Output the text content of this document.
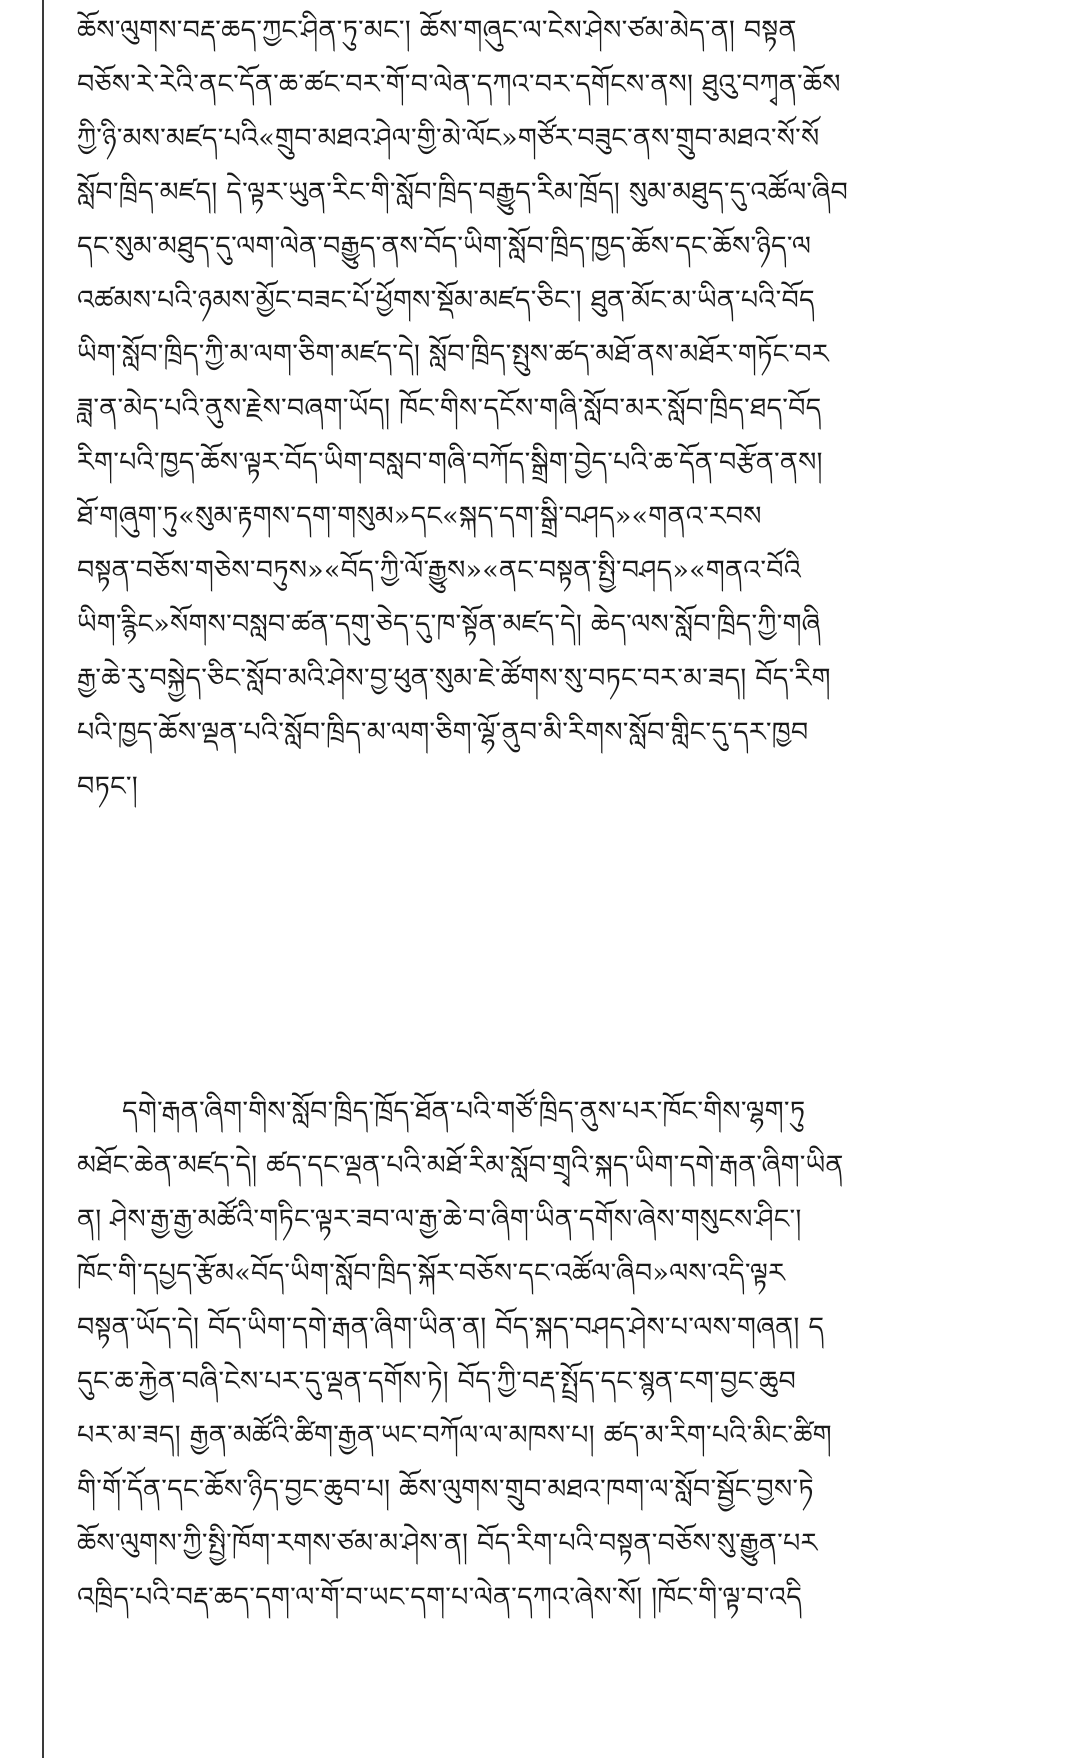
ཆོས་ལུགས་བརྡ་ཆད་ཀྱང་ཤིན་ཏུ་མང་། ཆོས་གཞུང་ལ་ངེས་ཤེས་ཙམ་མེད་ན། བསྟན
བཅོས་རེ་རེའི་ནང་དོན་ཆ་ཚང་བར་གོ་བ་ལེན་དཀའ་བར་དགོངས་ནས། ཐུའུ་བཀྭན་ཆོས
ཀྱི་ཉི་མས་མཛད་པའི«གྲུབ་མཐའ་ཤེལ་གྱི་མེ་ལོང»གཙོར་བཟུང་ནས་གྲུབ་མཐའ་སོ་སོ
སློབ་ཁྲིད་མཛད། དེ་ལྟར་ཡུན་རིང་གི་སློབ་ཁྲིད་བརྒྱུད་རིམ་ཁྲོད། སུམ་མཐུད་དུ་འཚོལ་ཞིབ
དང་སུམ་མཐུད་དུ་ལག་ལེན་བརྒྱུད་ནས་བོད་ཡིག་སློབ་ཁྲིད་ཁྱད་ཆོས་དང་ཆོས་ཉིད་ལ
འཚམས་པའི་ཉམས་མྱོང་བཟང་པོ་ཕྱོགས་སྡོམ་མཛད་ཅིང་། ཐུན་མོང་མ་ཡིན་པའི་བོད
ཡིག་སློབ་ཁྲིད་ཀྱི་མ་ལག་ཅིག་མཛད་དེ། སློབ་ཁྲིད་སྤུས་ཚད་མཐོ་ནས་མཐོར་གཏོང་བར
ཟླ་ན་མེད་པའི་ནུས་རྗེས་བཞག་ཡོད། ཁོང་གིས་དངོས་གཞི་སློབ་མར་སློབ་ཁྲིད་ཐད་བོད
རིག་པའི་ཁྱད་ཆོས་ལྟར་བོད་ཡིག་བསླབ་གཞི་བཀོད་སྒྲིག་བྱེད་པའི་ཆ་དོན་བརྩོན་ནས།
ཐོ་གཞུག་ཏུ«སུམ་རྟགས་དག་གསུམ»དང«སྐད་དག་སྒྲི་བཤད»«གནའ་རབས
བསྟན་བཅོས་གཅེས་བཏུས»«བོད་ཀྱི་ལོ་རྒྱུས»«ནང་བསྟན་སྤྱི་བཤད»«གནའ་བོའི
ཡིག་རྙིང»སོགས་བསླབ་ཚན་དགུ་ཅེད་དུ་ཁ་སྟོན་མཛད་དེ། ཆེད་ལས་སློབ་ཁྲིད་ཀྱི་གཞི
རྒྱ་ཆེ་རུ་བསྐྱེད་ཅིང་སློབ་མའི་ཤེས་བྱ་ཕུན་སུམ་ཇེ་ཚོགས་སུ་བཏང་བར་མ་ཟད། བོད་རིག
པའི་ཁྱད་ཆོས་ལྡན་པའི་སློབ་ཁྲིད་མ་ལག་ཅིག་ལྷོ་ནུབ་མི་རིགས་སློབ་གླིང་དུ་དར་ཁྱབ
བཏང་།
དགེ་རྒན་ཞིག་གིས་སློབ་ཁྲིད་ཁྲོད་ཐོན་པའི་གཙོ་ཁྲིད་ནུས་པར་ཁོང་གིས་ལྷག་ཏུ
མཐོང་ཆེན་མཛད་དེ། ཚད་དང་ལྡན་པའི་མཐོ་རིམ་སློབ་གྲྭའི་སྐད་ཡིག་དགེ་རྒན་ཞིག་ཡིན
ན། ཤེས་རྒྱ་རྒྱ་མཚོའི་གཏིང་ལྟར་ཟབ་ལ་རྒྱ་ཆེ་བ་ཞིག་ཡིན་དགོས་ཞེས་གསུངས་ཤིང་།
ཁོང་གི་དཔྱད་རྩོམ«བོད་ཡིག་སློབ་ཁྲིད་སྐོར་བཅོས་དང་འཚོལ་ཞིབ»ལས་འདི་ལྟར
བསྟན་ཡོད་དེ། བོད་ཡིག་དགེ་རྒན་ཞིག་ཡིན་ན། བོད་སྐད་བཤད་ཤེས་པ་ལས་གཞན། ད
དུང་ཆ་རྐྱེན་བཞི་ངེས་པར་དུ་ལྡན་དགོས་ཏེ། བོད་ཀྱི་བརྡ་སྤྲོད་དང་སྙན་ངག་བྱང་ཆུབ
པར་མ་ཟད། རྒྱན་མཚོའི་ཚིག་རྒྱན་ཡང་བཀོལ་ལ་མཁས་པ། ཚད་མ་རིག་པའི་མིང་ཚིག
གི་གོ་དོན་དང་ཆོས་ཉིད་བྱང་ཆུབ་པ། ཆོས་ལུགས་གྲུབ་མཐའ་ཁག་ལ་སློབ་སྦྱོང་བྱས་ཏེ
ཆོས་ལུགས་ཀྱི་སྤྱི་ཁོག་རགས་ཙམ་མ་ཤེས་ན། བོད་རིག་པའི་བསྟན་བཅོས་སུ་རྒྱུན་པར
འཁྲིད་པའི་བརྡ་ཆད་དག་ལ་གོ་བ་ཡང་དག་པ་ལེན་དཀའ་ཞེས་སོ། །ཁོང་གི་ལྟ་བ་འདི
